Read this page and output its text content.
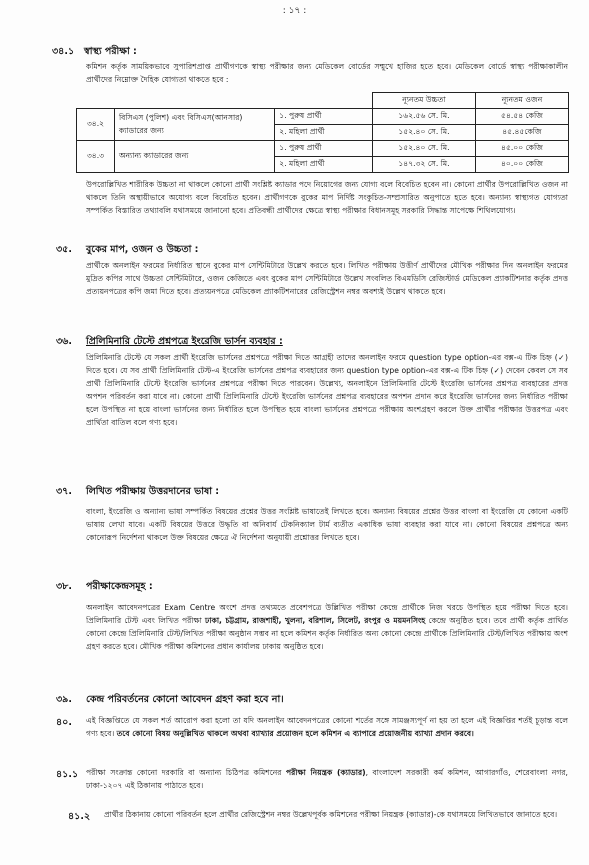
: ১৭ :
৩৪.১ স্বাস্থ্য পরীক্ষা :
কমিশন কর্তৃক সাময়িকভাবে সুপারিশপ্রাপ্ত প্রার্থীগণকে স্বাস্থ্য পরীক্ষার জন্য মেডিকেল বোর্ডের সম্মুখে হাজির হতে হবে। মেডিকেল বোর্ডে স্বাস্থ্য পরীক্ষাকালীন প্রার্থীদের নিম্নোক্ত দৈহিক যোগ্যতা থাকতে হবে :
			ন্যূনতম উচ্চতা	ন্যূনতম ওজন
৩৪.২	বিসিএস (পুলিশ) এবং বিসিএস(আনসার) ক্যাডারের জন্য	১. পুরুষ প্রার্থী	১৬২.৫৬ সে. মি.	৫৪.৫৪ কেজি
		২. মহিলা প্রার্থী	১৫২.৪০ সে. মি.	৪৫.৪৫কেজি
৩৪.৩	অন্যান্য ক্যাডারের জন্য	১. পুরুষ প্রার্থী	১৫২.৪০ সে. মি.	৪৫.০০ কেজি
		২. মহিলা প্রার্থী	১৪৭.৩২ সে. মি.	৪০.০০ কেজি
উপরোল্লিখিত শারীরিক উচ্চতা না থাকলে কোনো প্রার্থী সংশ্লিষ্ট ক্যাডার পদে নিয়োগের জন্য যোগ্য বলে বিবেচিত হবেন না। কোনো প্রার্থীর উপরোল্লিখিত ওজন না থাকলে তিনি অস্থায়ীভাবে অযোগ্য বলে বিবেচিত হবেন। প্রার্থীগণকে বুকের মাপ নির্দিষ্ট সংকুচিত-সম্প্রসারিত অনুপাতে হতে হবে। অন্যান্য স্বাস্থ্যগত যোগ্যতা সম্পর্কিত বিস্তারিত তথ্যাবলি যথাসময়ে জানানো হবে। প্রতিবন্ধী প্রার্থীদের ক্ষেত্রে স্বাস্থ্য পরীক্ষার বিধানসমূহ সরকারি সিদ্ধান্ত সাপেক্ষে শিথিলযোগ্য।
৩৫. বুকের মাপ, ওজন ও উচ্চতা :
প্রার্থীকে অনলাইন ফরমের নির্ধারিত স্থানে বুকের মাপ সেন্টিমিটারে উল্লেখ করতে হবে। লিখিত পরীক্ষায় উত্তীর্ণ প্রার্থীদের মৌখিক পরীক্ষার দিন অনলাইন ফরমের মুদ্রিত কপির সাথে উচ্চতা সেন্টিমিটারে, ওজন কেজিতে এবং বুকের মাপ সেন্টিমিটারে উল্লেখ সংবলিত বিএমডিসি রেজিস্টার্ড মেডিকেল প্র্যাকটিশনার কর্তৃক প্রদত্ত প্রত্যয়নপত্রের কপি জমা দিতে হবে। প্রত্যয়নপত্রে মেডিকেল প্র্যাকটিশনারের রেজিস্ট্রেশন নম্বর অবশ্যই উল্লেখ থাকতে হবে।
৩৬. প্রিলিমিনারি টেস্টে প্রশ্নপত্রে ইংরেজি ভার্সন ব্যবহার :
প্রিলিমিনারি টেস্টে যে সকল প্রার্থী ইংরেজি ভার্সনের প্রশ্নপত্রে পরীক্ষা দিতে আগ্রহী তাদের অনলাইন ফরমে question type option-এর বক্স-এ টিক চিহ্ন (✓) দিতে হবে। যে সব প্রার্থী প্রিলিমিনারি টেস্ট-এ ইংরেজি ভার্সনের প্রশ্নপত্র ব্যবহারের জন্য question type option-এর বক্স-এ টিক চিহ্ন (✓) দেবেন কেবল সে সব প্রার্থী প্রিলিমিনারি টেস্টে ইংরেজি ভার্সনের প্রশ্নপত্রে পরীক্ষা দিতে পারবেন। উল্লেখ্য, অনলাইনে প্রিলিমিনারি টেস্টে ইংরেজি ভার্সনের প্রশ্নপত্র ব্যবহারের প্রদত্ত অপশন পরিবর্তন করা যাবে না। কোনো প্রার্থী প্রিলিমিনারি টেস্টে ইংরেজি ভার্সনের প্রশ্নপত্র ব্যবহারের অপশন প্রদান করে ইংরেজি ভার্সনের জন্য নির্ধারিত পরীক্ষা হলে উপস্থিত না হয়ে বাংলা ভার্সনের জন্য নির্ধারিত হলে উপস্থিত হয়ে বাংলা ভার্সনের প্রশ্নপত্রে পরীক্ষায় অংশগ্রহণ করলে উক্ত প্রার্থীর পরীক্ষার উত্তরপত্র এবং প্রার্থিতা বাতিল বলে গণ্য হবে।
৩৭. লিখিত পরীক্ষায় উত্তরদানের ভাষা :
বাংলা, ইংরেজি ও অন্যান্য ভাষা সম্পর্কিত বিষয়ের প্রশ্নের উত্তর সংশ্লিষ্ট ভাষাতেই লিখতে হবে। অন্যান্য বিষয়ের প্রশ্নের উত্তর বাংলা বা ইংরেজি যে কোনো একটি ভাষায় লেখা যাবে। একটি বিষয়ের উত্তরে উদ্ধৃতি বা অনিবার্য টেকনিক্যাল টার্ম ব্যতীত একাধিক ভাষা ব্যবহার করা যাবে না। কোনো বিষয়ের প্রশ্নপত্রে অন্য কোনোরূপ নির্দেশনা থাকলে উক্ত বিষয়ের ক্ষেত্রে ঐ নির্দেশনা অনুযায়ী প্রশ্নোত্তর লিখতে হবে।
৩৮. পরীক্ষাকেন্দ্রসমূহ :
অনলাইন আবেদনপত্রের Exam Centre অংশে প্রদত্ত তথ্যমতে প্রবেশপত্রে উল্লিখিত পরীক্ষা কেন্দ্রে প্রার্থীকে নিজ খরচে উপস্থিত হয়ে পরীক্ষা দিতে হবে। প্রিলিমিনারি টেস্ট এবং লিখিত পরীক্ষা ঢাকা, চট্টগ্রাম, রাজশাহী, খুলনা, বরিশাল, সিলেট, রংপুর ও ময়মনসিংহ কেন্দ্রে অনুষ্ঠিত হবে। তবে প্রার্থী কর্তৃক প্রার্থিত কোনো কেন্দ্রে প্রিলিমিনারি টেস্ট/লিখিত পরীক্ষা অনুষ্ঠান সম্ভব না হলে কমিশন কর্তৃক নির্ধারিত অন্য কোনো কেন্দ্রে প্রার্থীকে প্রিলিমিনারি টেস্ট/লিখিত পরীক্ষায় অংশ গ্রহণ করতে হবে। মৌখিক পরীক্ষা কমিশনের প্রধান কার্যালয় ঢাকায় অনুষ্ঠিত হবে।
৩৯. কেন্দ্র পরিবর্তনের কোনো আবেদন গ্রহণ করা হবে না।
৪০. এই বিজ্ঞপ্তিতে যে সকল শর্ত আরোপ করা হলো তা যদি অনলাইন আবেদনপত্রের কোনো শর্তের সঙ্গে সামঞ্জস্যপূর্ণ না হয় তা হলে এই বিজ্ঞপ্তির শর্তই চূড়ান্ত বলে গণ্য হবে। তবে কোনো বিষয় অনুল্লিখিত থাকলে অথবা ব্যাখ্যার প্রয়োজন হলে কমিশন এ ব্যাপারে প্রয়োজনীয় ব্যাখ্যা প্রদান করবে।
৪১.১ পরীক্ষা সংক্রান্ত কোনো দরকারি বা অন্যান্য চিঠিপত্র কমিশনের পরীক্ষা নিয়ন্ত্রক (ক্যাডার), বাংলাদেশ সরকারী কর্ম কমিশন, আগারগাঁও, শেরেবাংলা নগর, ঢাকা-১২০৭ এই ঠিকানায় পাঠাতে হবে।
৪১.২ প্রার্থীর ঠিকানায় কোনো পরিবর্তন হলে প্রার্থীর রেজিস্ট্রেশন নম্বর উল্লেখপূর্বক কমিশনের পরীক্ষা নিয়ন্ত্রক (ক্যাডার)-কে যথাসময়ে লিখিতভাবে জানাতে হবে।
